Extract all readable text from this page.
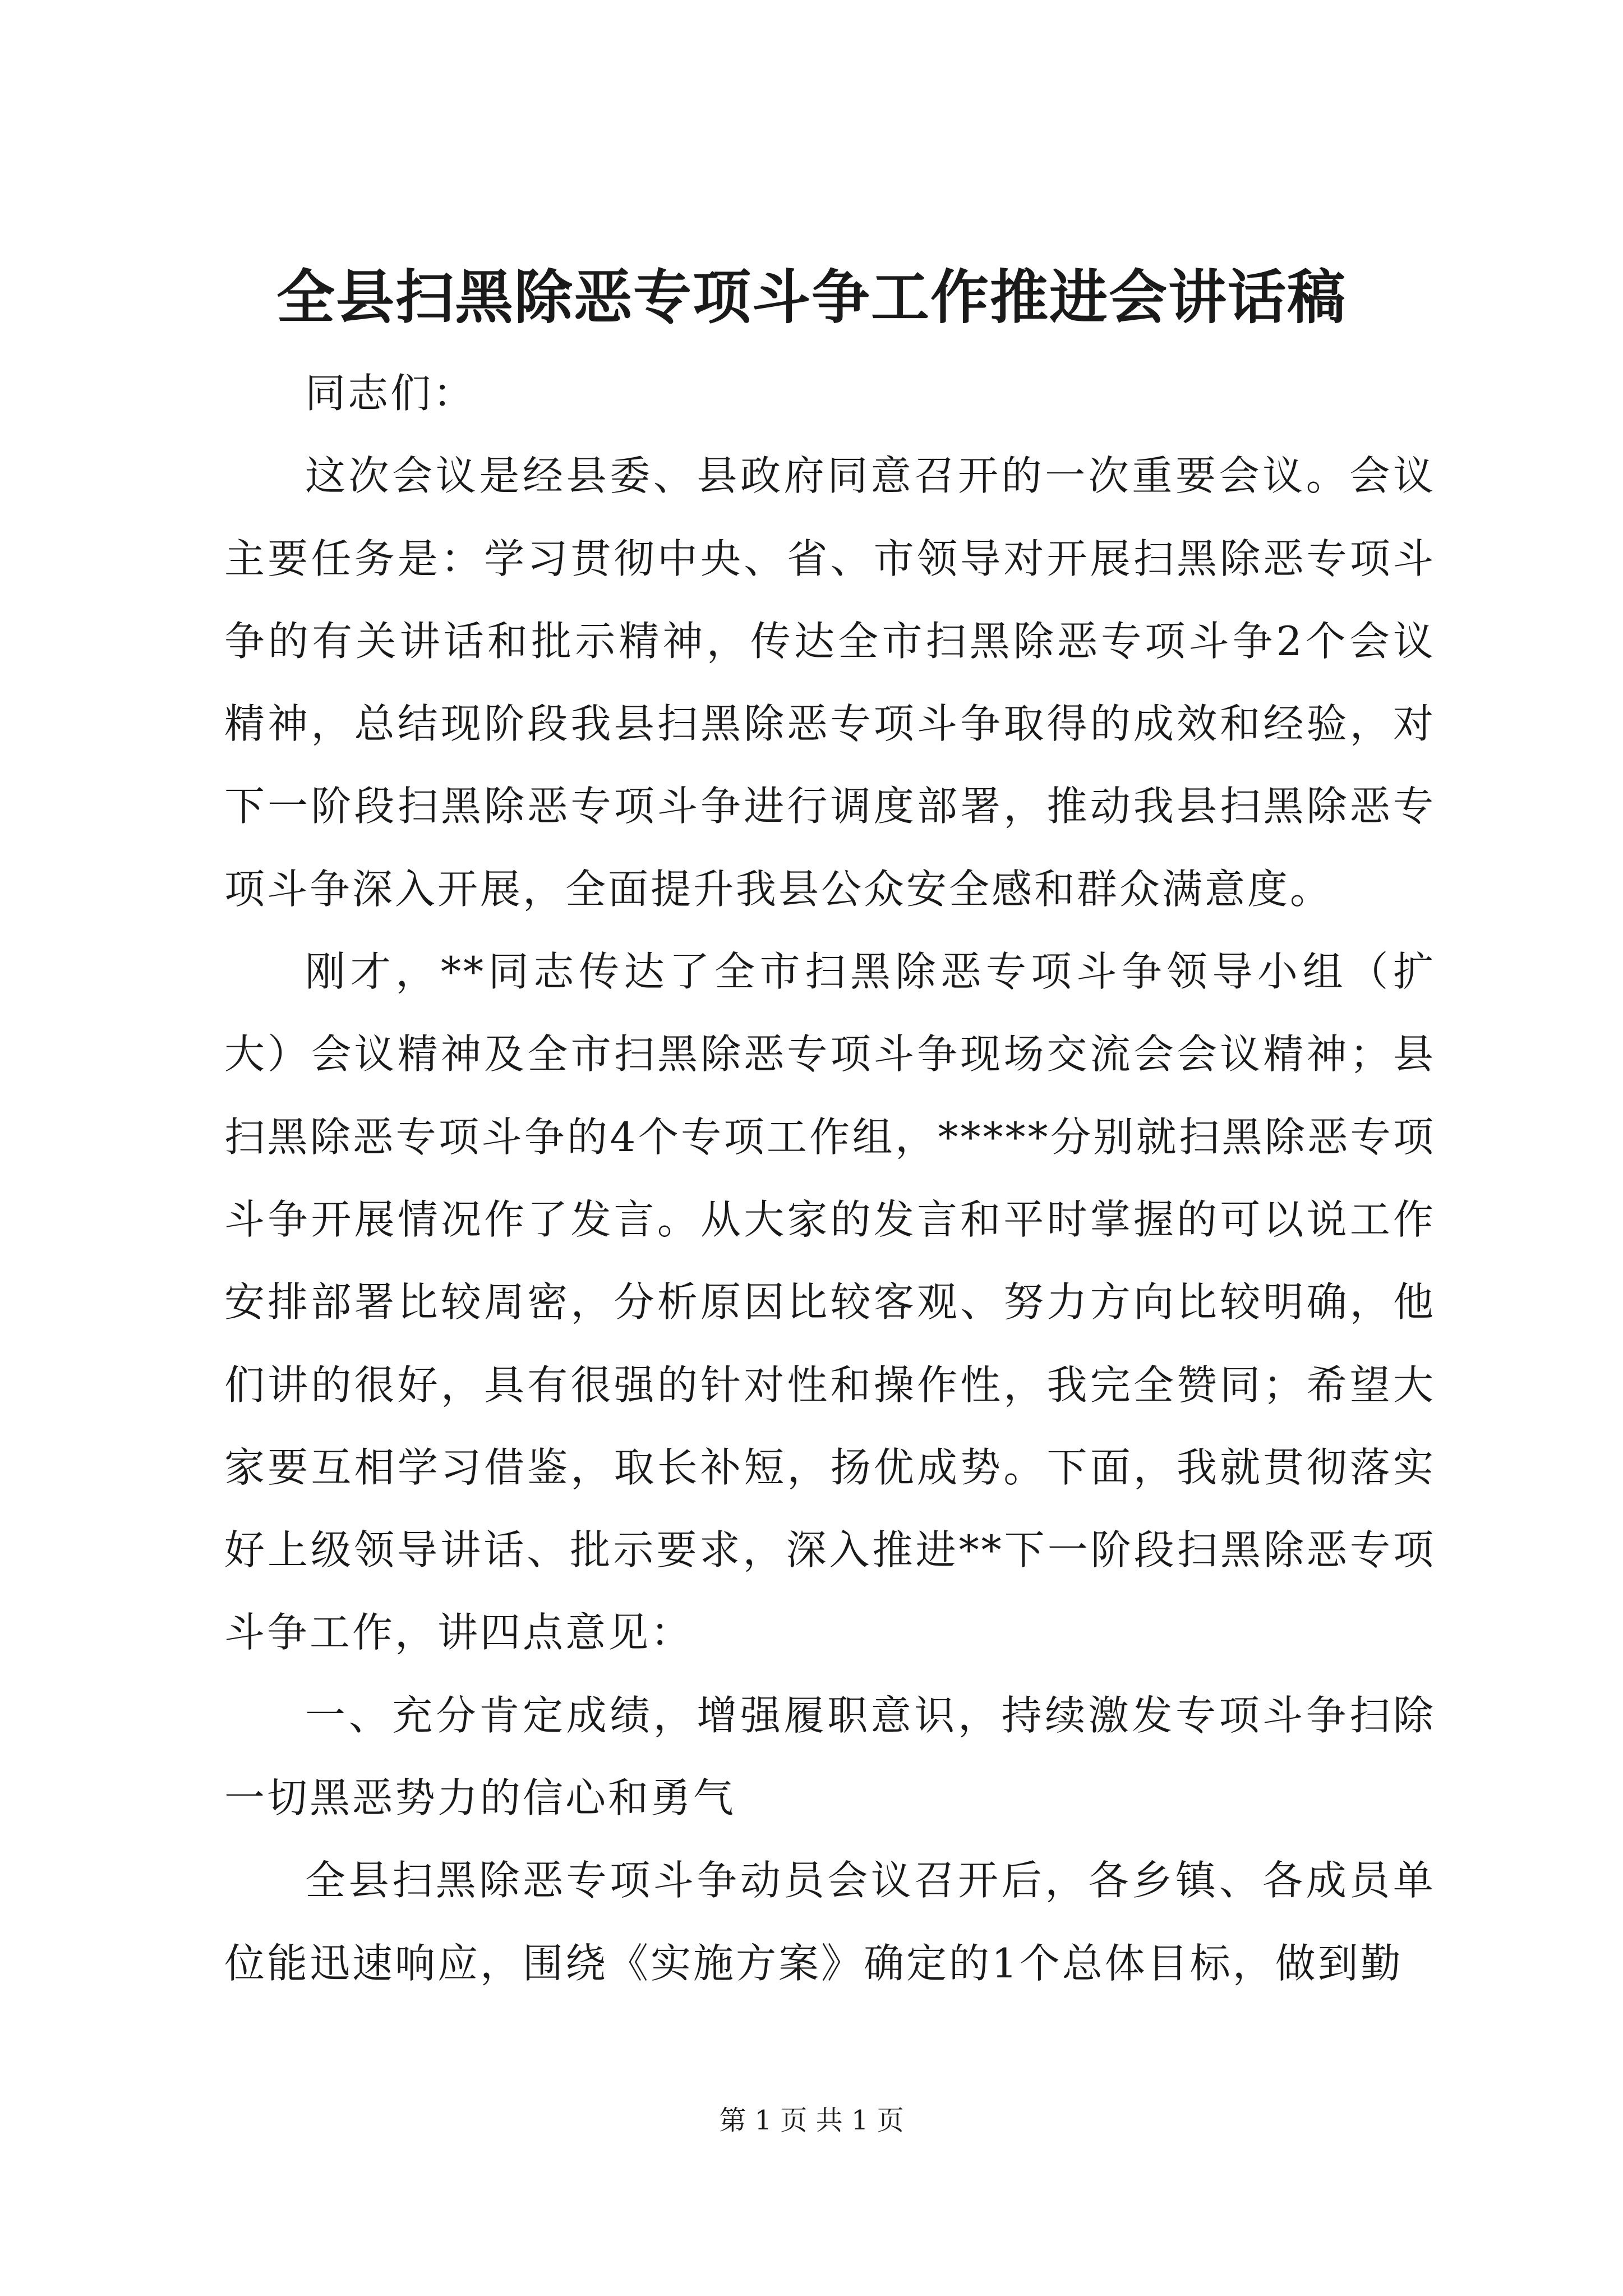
全县扫黑除恶专项斗争工作推进会讲话稿

同志们：

这次会议是经县委、县政府同意召开的一次重要会议。会议主要任务是：学习贯彻中央、省、市领导对开展扫黑除恶专项斗争的有关讲话和批示精神，传达全市扫黑除恶专项斗争2个会议精神，总结现阶段我县扫黑除恶专项斗争取得的成效和经验，对下一阶段扫黑除恶专项斗争进行调度部署，推动我县扫黑除恶专项斗争深入开展，全面提升我县公众安全感和群众满意度。

刚才，**同志传达了全市扫黑除恶专项斗争领导小组（扩大）会议精神及全市扫黑除恶专项斗争现场交流会会议精神；县扫黑除恶专项斗争的4个专项工作组，*****分别就扫黑除恶专项斗争开展情况作了发言。从大家的发言和平时掌握的可以说工作安排部署比较周密，分析原因比较客观、努力方向比较明确，他们讲的很好，具有很强的针对性和操作性，我完全赞同；希望大家要互相学习借鉴，取长补短，扬优成势。下面，我就贯彻落实好上级领导讲话、批示要求，深入推进**下一阶段扫黑除恶专项斗争工作，讲四点意见：

一、充分肯定成绩，增强履职意识，持续激发专项斗争扫除一切黑恶势力的信心和勇气

全县扫黑除恶专项斗争动员会议召开后，各乡镇、各成员单位能迅速响应，围绕《实施方案》确定的1个总体目标，做到勤

第 1 页 共 1 页
